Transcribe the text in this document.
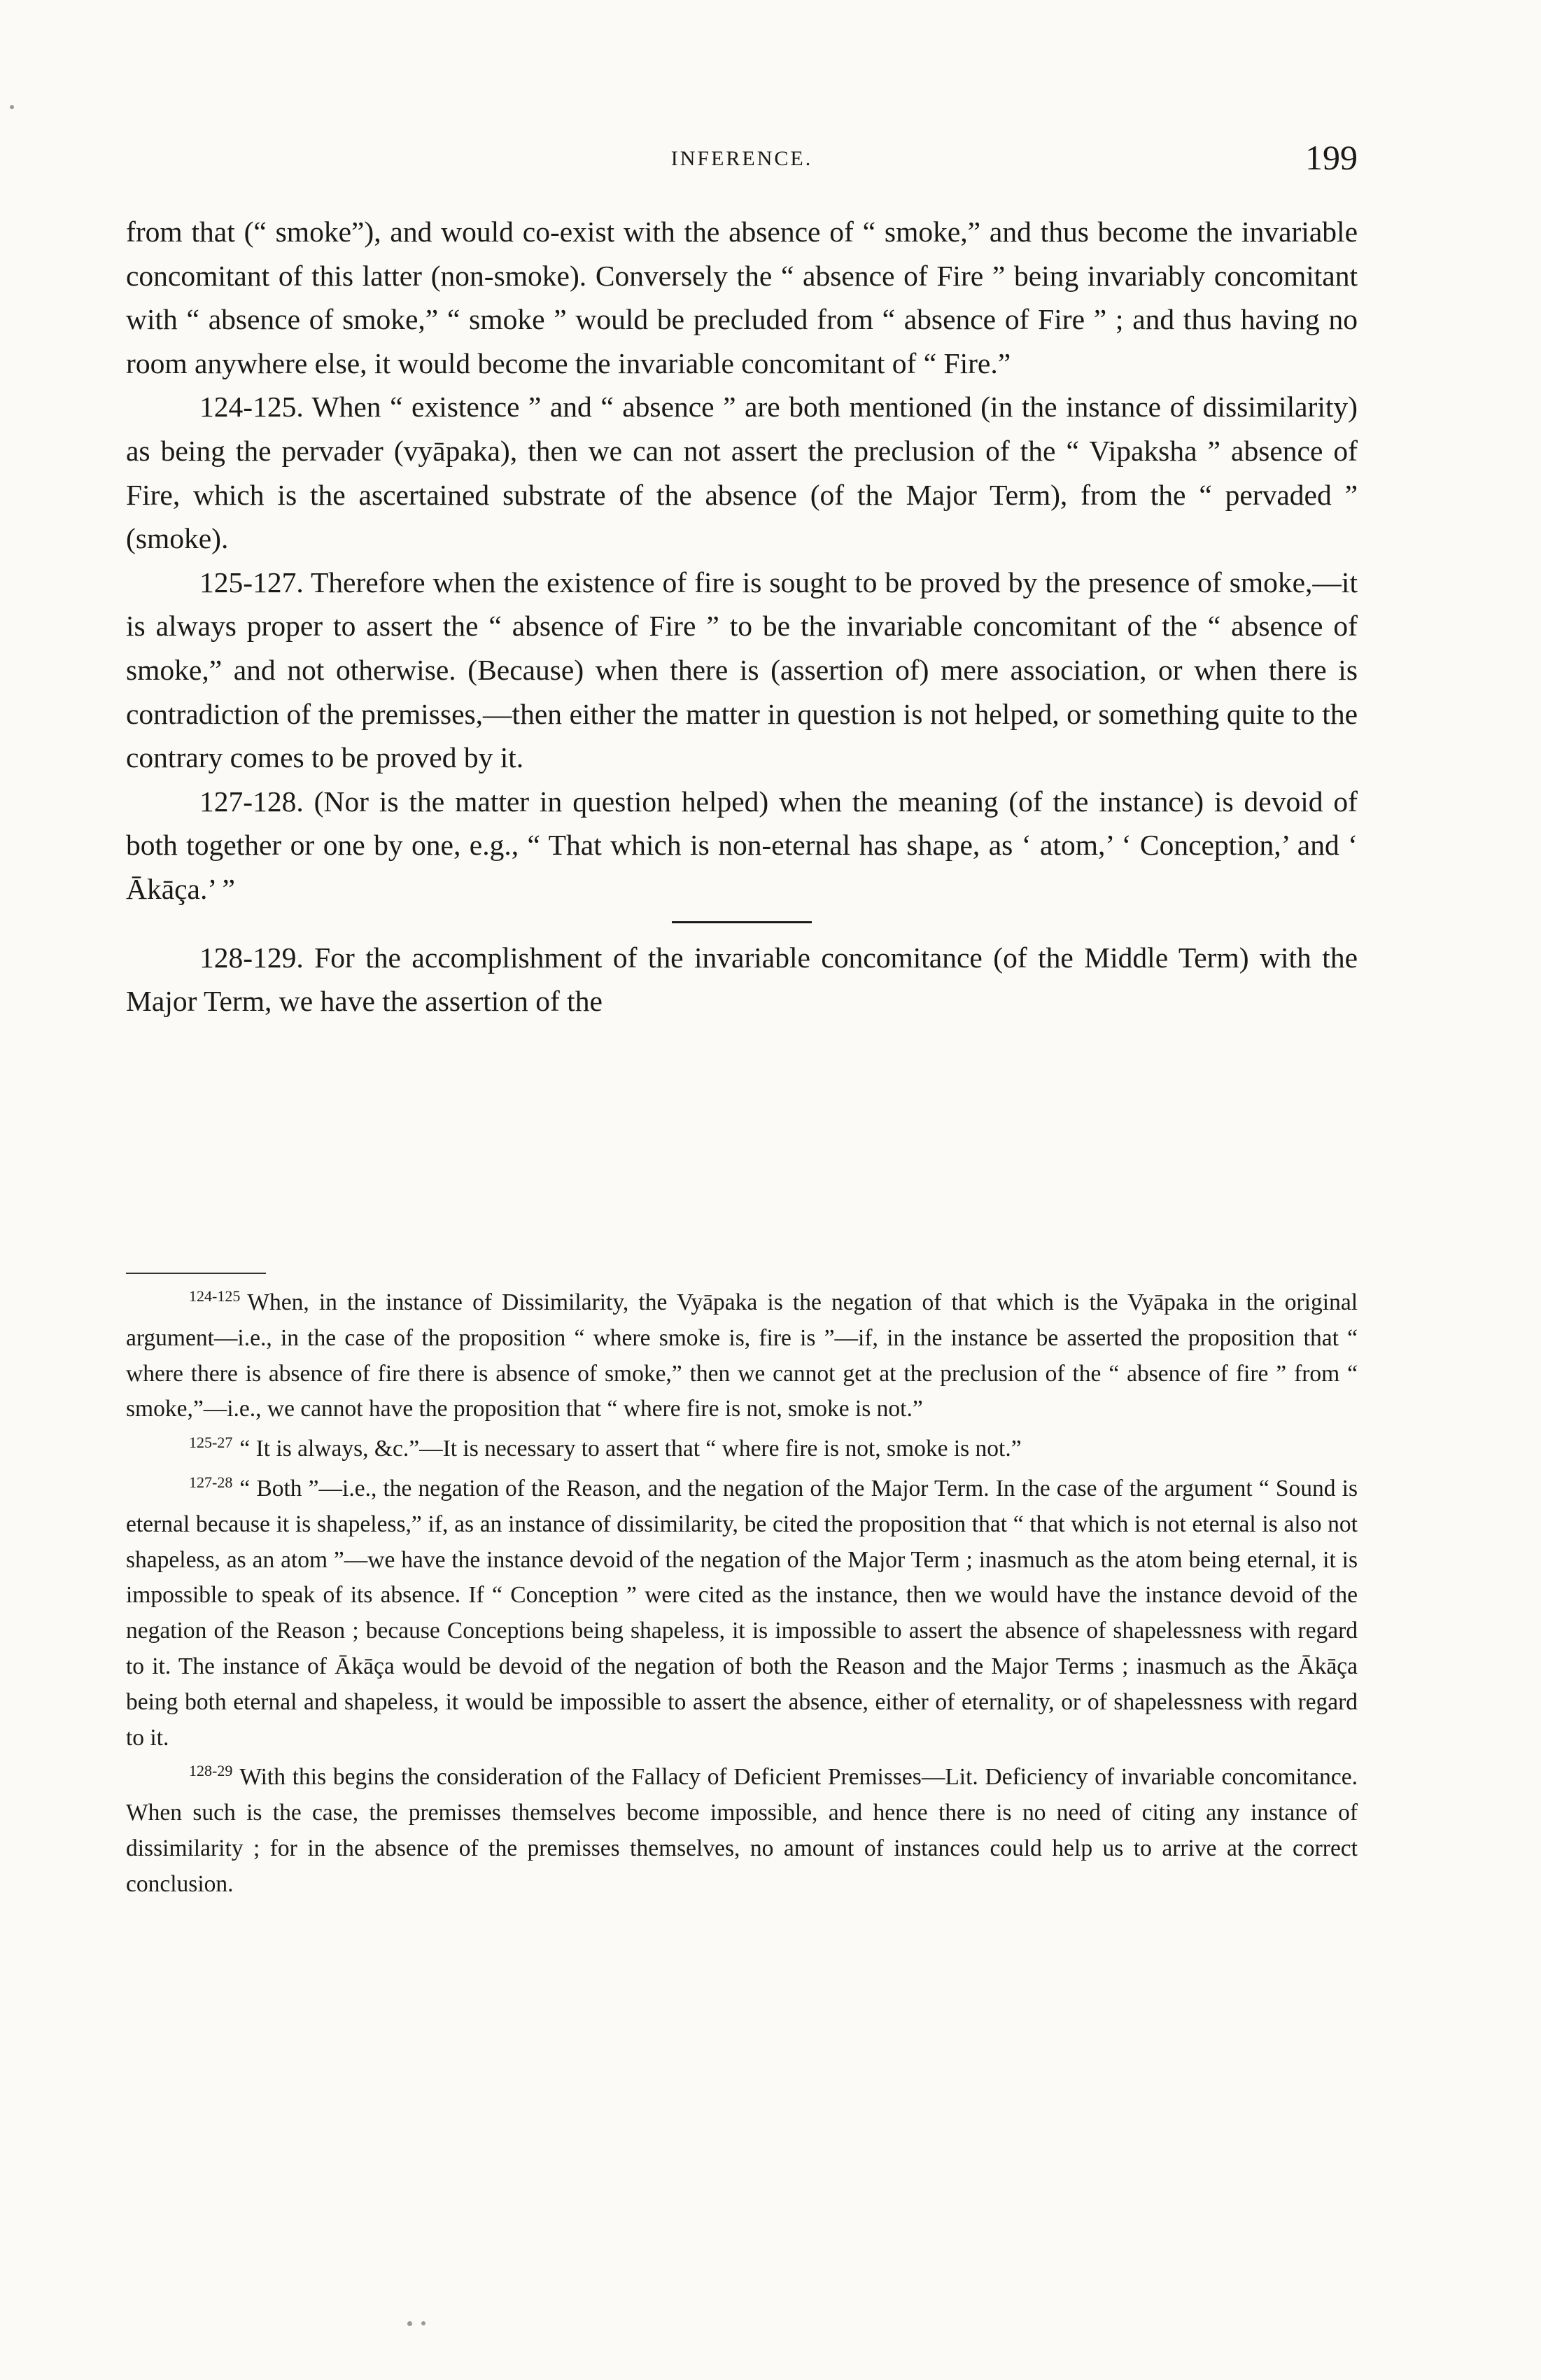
INFERENCE.	199

from that (“ smoke”), and would co-exist with the absence of “ smoke,” and thus become the invariable concomitant of this latter (non-smoke). Conversely the “ absence of Fire ” being invariably concomitant with “ absence of smoke,” “ smoke ” would be precluded from “ absence of Fire ” ; and thus having no room anywhere else, it would become the invariable concomitant of “ Fire.”

124-125. When “ existence ” and “ absence ” are both mentioned (in the instance of dissimilarity) as being the pervader (vyāpaka), then we can not assert the preclusion of the “ Vipaksha ” absence of Fire, which is the ascertained substrate of the absence (of the Major Term), from the “ pervaded ” (smoke).

125-127. Therefore when the existence of fire is sought to be proved by the presence of smoke,—it is always proper to assert the “ absence of Fire ” to be the invariable concomitant of the “ absence of smoke,” and not otherwise. (Because) when there is (assertion of) mere association, or when there is contradiction of the premisses,—then either the matter in question is not helped, or something quite to the contrary comes to be proved by it.

127-128. (Nor is the matter in question helped) when the meaning (of the instance) is devoid of both together or one by one, e.g., “ That which is non-eternal has shape, as ‘ atom,’ ‘ Conception,’ and ‘ Ākāça.’ ”

128-129. For the accomplishment of the invariable concomitance (of the Middle Term) with the Major Term, we have the assertion of the

$^{124-125}$ When, in the instance of Dissimilarity, the Vyāpaka is the negation of that which is the Vyāpaka in the original argument—i.e., in the case of the proposition “ where smoke is, fire is ”—if, in the instance be asserted the proposition that “ where there is absence of fire there is absence of smoke,” then we cannot get at the preclusion of the “ absence of fire ” from “ smoke,”—i.e., we cannot have the proposition that “ where fire is not, smoke is not.”

$^{125-27}$ “ It is always, &c.”—It is necessary to assert that “ where fire is not, smoke is not.”

$^{127-28}$ “ Both ”—i.e., the negation of the Reason, and the negation of the Major Term. In the case of the argument “ Sound is eternal because it is shapeless,” if, as an instance of dissimilarity, be cited the proposition that “ that which is not eternal is also not shapeless, as an atom ”—we have the instance devoid of the negation of the Major Term ; inasmuch as the atom being eternal, it is impossible to speak of its absence. If “ Conception ” were cited as the instance, then we would have the instance devoid of the negation of the Reason ; because Conceptions being shapeless, it is impossible to assert the absence of shapelessness with regard to it. The instance of Ākāça would be devoid of the negation of both the Reason and the Major Terms ; inasmuch as the Ākāça being both eternal and shapeless, it would be impossible to assert the absence, either of eternality, or of shapelessness with regard to it.

$^{128-29}$ With this begins the consideration of the Fallacy of Deficient Premisses—Lit. Deficiency of invariable concomitance. When such is the case, the premisses themselves become impossible, and hence there is no need of citing any instance of dissimilarity ; for in the absence of the premisses themselves, no amount of instances could help us to arrive at the correct conclusion.
